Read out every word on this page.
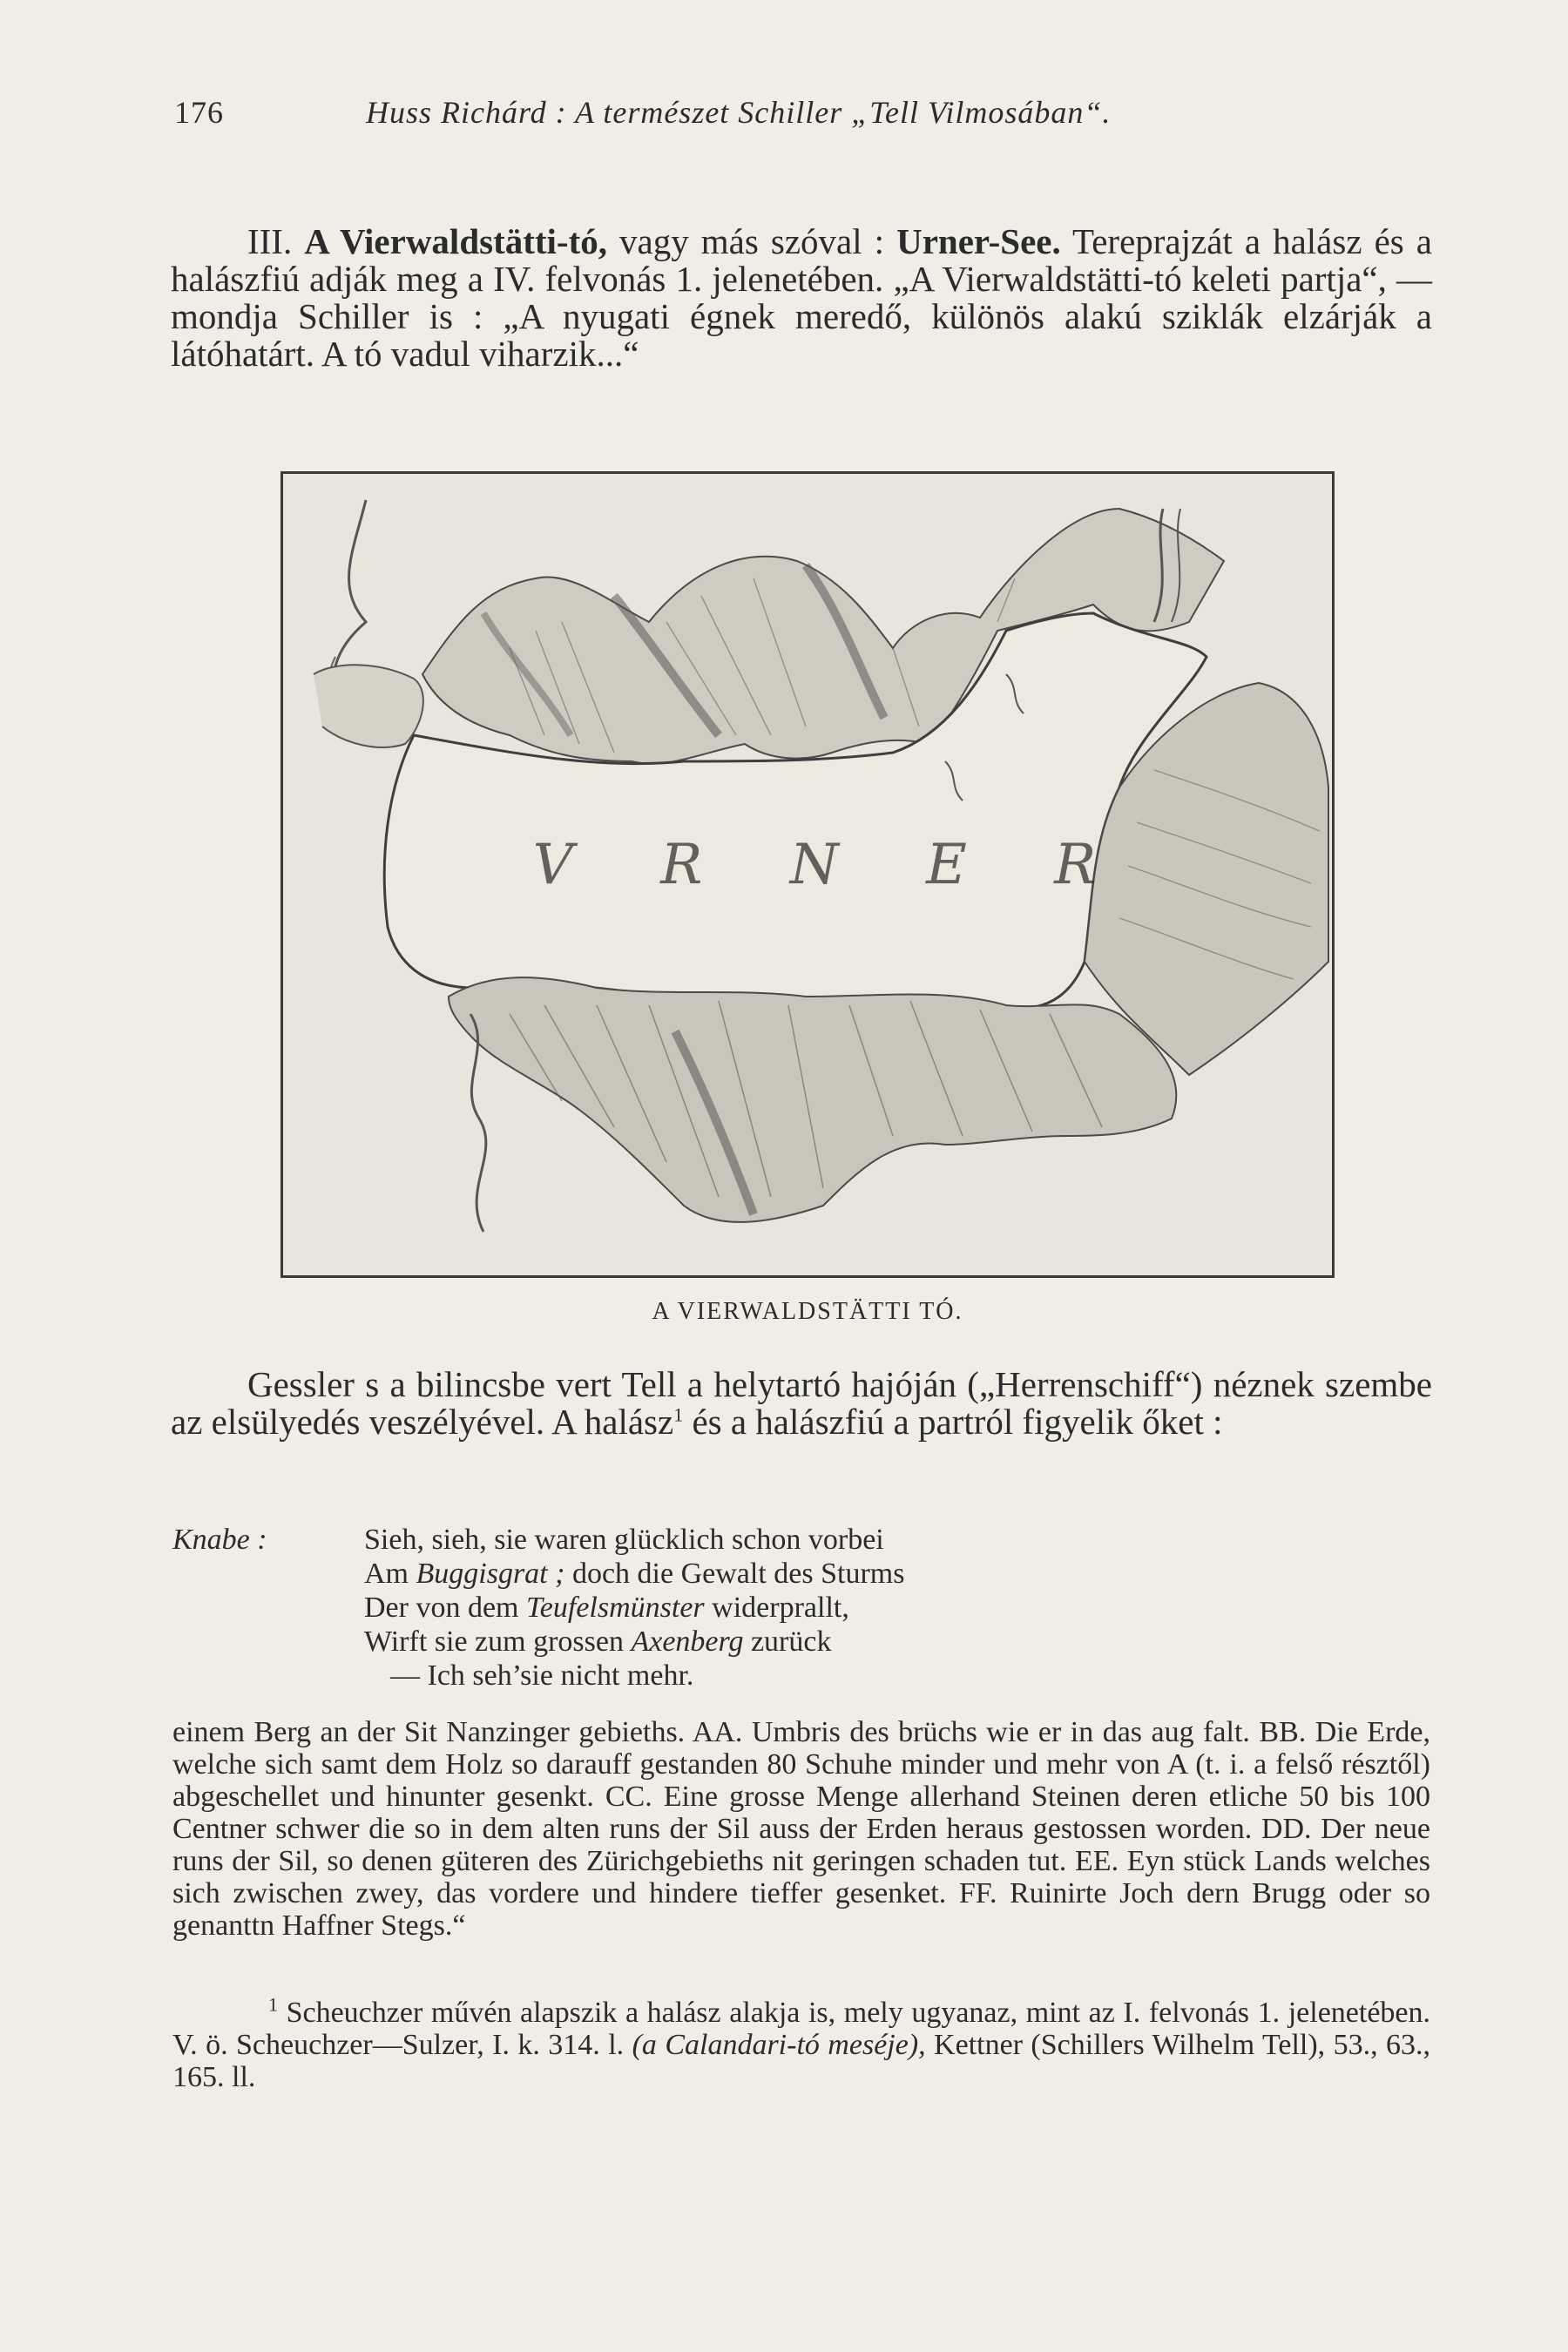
176	Huss Richárd : A természet Schiller „Tell Vilmosában“.

III. A Vierwaldstätti-tó, vagy más szóval : Urner-See. Tereprajzát a halász és a halászfiú adják meg a IV. felvonás 1. jelenetében. „A Vierwaldstätti-tó keleti partja“, — mondja Schiller is : „A nyugati égnek meredő, különös alakú sziklák elzárják a látóhatárt. A tó vadul viharzik...“

V R N E R
A VIERWALDSTÄTTI TÓ.

Gessler s a bilincsbe vert Tell a helytartó hajóján („Herrenschiff“) néznek szembe az elsülyedés veszélyével. A halász$^1$ és a halászfiú a partról figyelik őket :

Knabe :	Sieh, sieh, sie waren glücklich schon vorbei
Am Buggisgrat ; doch die Gewalt des Sturms
Der von dem Teufelsmünster widerprallt,
Wirft sie zum grossen Axenberg zurück
— Ich seh’sie nicht mehr.

einem Berg an der Sit Nanzinger gebieths. AA. Umbris des brüchs wie er in das aug falt. BB. Die Erde, welche sich samt dem Holz so darauff gestanden 80 Schuhe minder und mehr von A (t. i. a felső résztől) abgeschellet und hinunter gesenkt. CC. Eine grosse Menge allerhand Steinen deren etliche 50 bis 100 Centner schwer die so in dem alten runs der Sil auss der Erden heraus gestossen worden. DD. Der neue runs der Sil, so denen güteren des Zürichgebieths nit geringen schaden tut. EE. Eyn stück Lands welches sich zwischen zwey, das vordere und hindere tieffer gesenket. FF. Ruinirte Joch dern Brugg oder so genanttn Haffner Stegs.“

$^1$ Scheuchzer művén alapszik a halász alakja is, mely ugyanaz, mint az I. felvonás 1. jelenetében. V. ö. Scheuchzer—Sulzer, I. k. 314. l. (a Calandari-tó meséje), Kettner (Schillers Wilhelm Tell), 53., 63., 165. ll.
